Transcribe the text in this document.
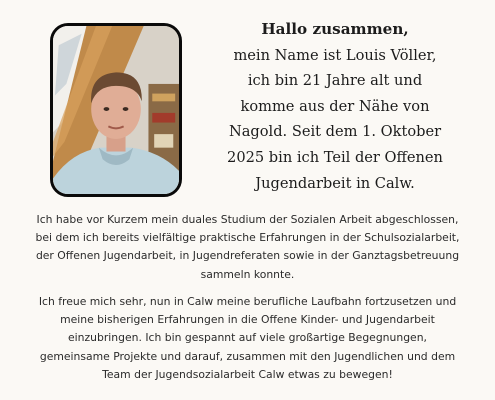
Hallo zusammen,
mein Name ist Louis Völler,
ich bin 21 Jahre alt und
komme aus der Nähe von
Nagold. Seit dem 1. Oktober
2025 bin ich Teil der Offenen
Jugendarbeit in Calw.
Ich habe vor Kurzem mein duales Studium der Sozialen Arbeit abgeschlossen,
bei dem ich bereits vielfältige praktische Erfahrungen in der Schulsozialarbeit,
der Offenen Jugendarbeit, in Jugendreferaten sowie in der Ganztagsbetreuung
sammeln konnte.
Ich freue mich sehr, nun in Calw meine berufliche Laufbahn fortzusetzen und
meine bisherigen Erfahrungen in die Offene Kinder- und Jugendarbeit
einzubringen. Ich bin gespannt auf viele großartige Begegnungen,
gemeinsame Projekte und darauf, zusammen mit den Jugendlichen und dem
Team der Jugendsozialarbeit Calw etwas zu bewegen!
